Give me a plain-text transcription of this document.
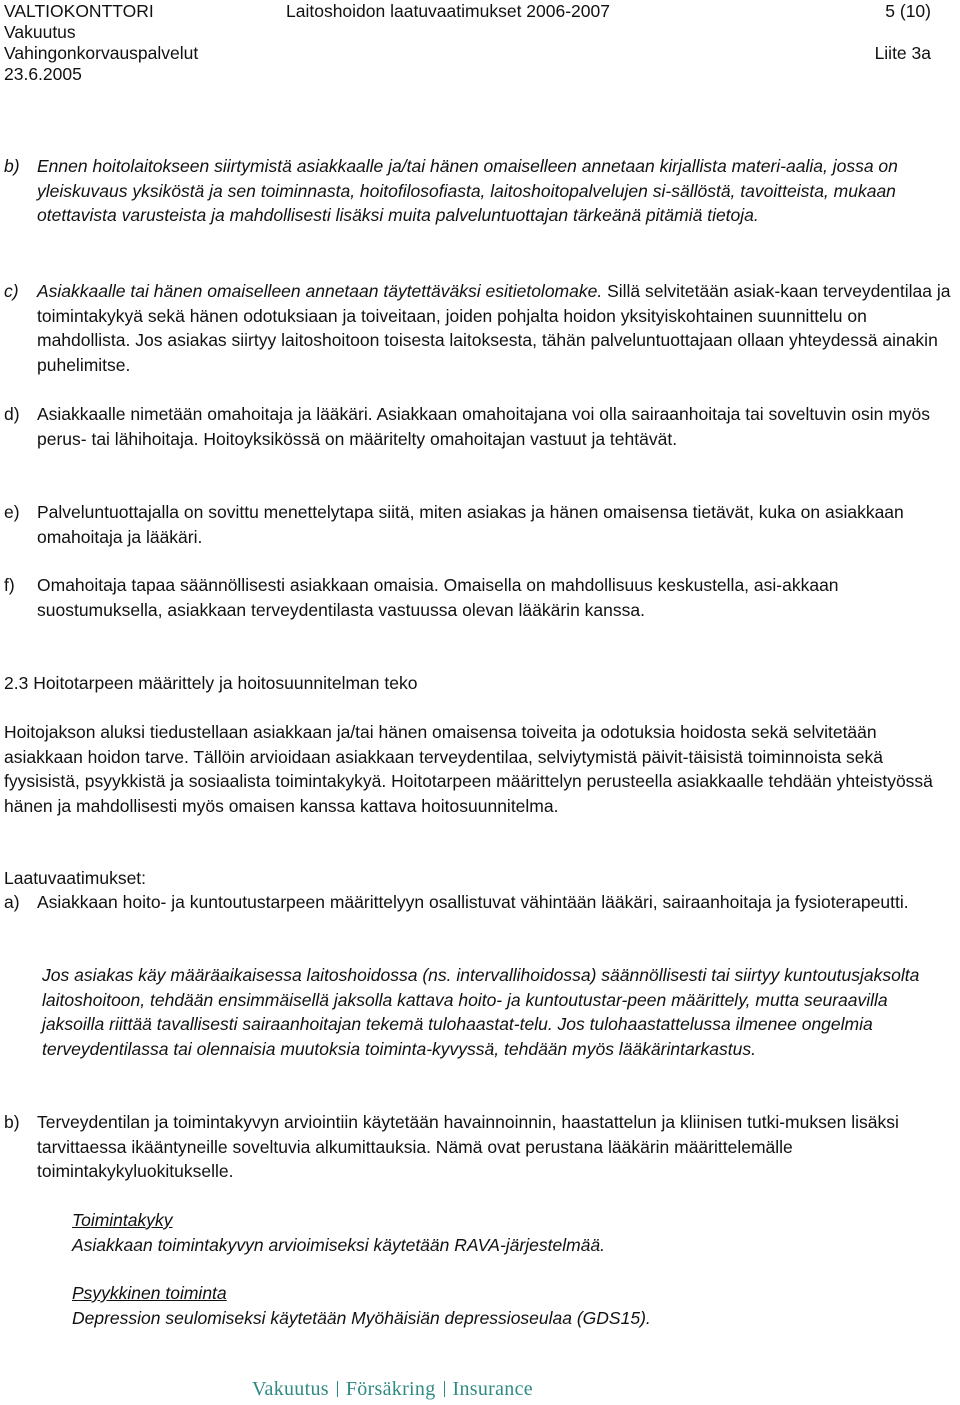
VALTIOKONTTORI
Vakuutus
Vahingonkorvauspalvelut
23.6.2005
Laitoshoidon laatuvaatimukset 2006-2007	5 (10)
Liite 3a
b) Ennen hoitolaitokseen siirtymistä asiakkaalle ja/tai hänen omaiselleen annetaan kirjallista materi-aalia, jossa on yleiskuvaus yksiköstä ja sen toiminnasta, hoitofilosofiasta, laitoshoitopalvelujen si-sällöstä, tavoitteista, mukaan otettavista varusteista ja mahdollisesti lisäksi muita palveluntuottajan tärkeänä pitämiä tietoja.
c) Asiakkaalle tai hänen omaiselleen annetaan täytettäväksi esitietolomake. Sillä selvitetään asiak-kaan terveydentilaa ja toimintakykyä sekä hänen odotuksiaan ja toiveitaan, joiden pohjalta hoidon yksityiskohtainen suunnittelu on mahdollista. Jos asiakas siirtyy laitoshoitoon toisesta laitoksesta, tähän palveluntuottajaan ollaan yhteydessä ainakin puhelimitse.
d) Asiakkaalle nimetään omahoitaja ja lääkäri. Asiakkaan omahoitajana voi olla sairaanhoitaja tai soveltuvin osin myös perus- tai lähihoitaja. Hoitoyksikössä on määritelty omahoitajan vastuut ja tehtävät.
e) Palveluntuottajalla on sovittu menettelytapa siitä, miten asiakas ja hänen omaisensa tietävät, kuka on asiakkaan omahoitaja ja lääkäri.
f) Omahoitaja tapaa säännöllisesti asiakkaan omaisia. Omaisella on mahdollisuus keskustella, asi-akkaan suostumuksella, asiakkaan terveydentilasta vastuussa olevan lääkärin kanssa.
2.3 Hoitotarpeen määrittely ja hoitosuunnitelman teko
Hoitojakson aluksi tiedustellaan asiakkaan ja/tai hänen omaisensa toiveita ja odotuksia hoidosta sekä selvitetään asiakkaan hoidon tarve. Tällöin arvioidaan asiakkaan terveydentilaa, selviytymistä päivit-täisistä toiminnoista sekä fyysisistä, psyykkistä ja sosiaalista toimintakykyä. Hoitotarpeen määrittelyn perusteella asiakkaalle tehdään yhteistyössä hänen ja mahdollisesti myös omaisen kanssa kattava hoitosuunnitelma.
Laatuvaatimukset:
a) Asiakkaan hoito- ja kuntoutustarpeen määrittelyyn osallistuvat vähintään lääkäri, sairaanhoitaja ja fysioterapeutti.
Jos asiakas käy määräaikaisessa laitoshoidossa (ns. intervallihoidossa) säännöllisesti tai siirtyy kuntoutusjaksolta laitoshoitoon, tehdään ensimmäisellä jaksolla kattava hoito- ja kuntoutustar-peen määrittely, mutta seuraavilla jaksoilla riittää tavallisesti sairaanhoitajan tekemä tulohaastat-telu. Jos tulohaastattelussa ilmenee ongelmia terveydentilassa tai olennaisia muutoksia toiminta-kyvyssä, tehdään myös lääkärintarkastus.
b) Terveydentilan ja toimintakyvyn arviointiin käytetään havainnoinnin, haastattelun ja kliinisen tutki-muksen lisäksi tarvittaessa ikääntyneille soveltuvia alkumittauksia. Nämä ovat perustana lääkärin määrittelemälle toimintakykyluokitukselle.
Toimintakyky
Asiakkaan toimintakyvyn arvioimiseksi käytetään RAVA-järjestelmää.
Psyykkinen toiminta
Depression seulomiseksi käytetään Myöhäisiän depressioseulaa (GDS15).
Vakuutus Försäkring Insurance
